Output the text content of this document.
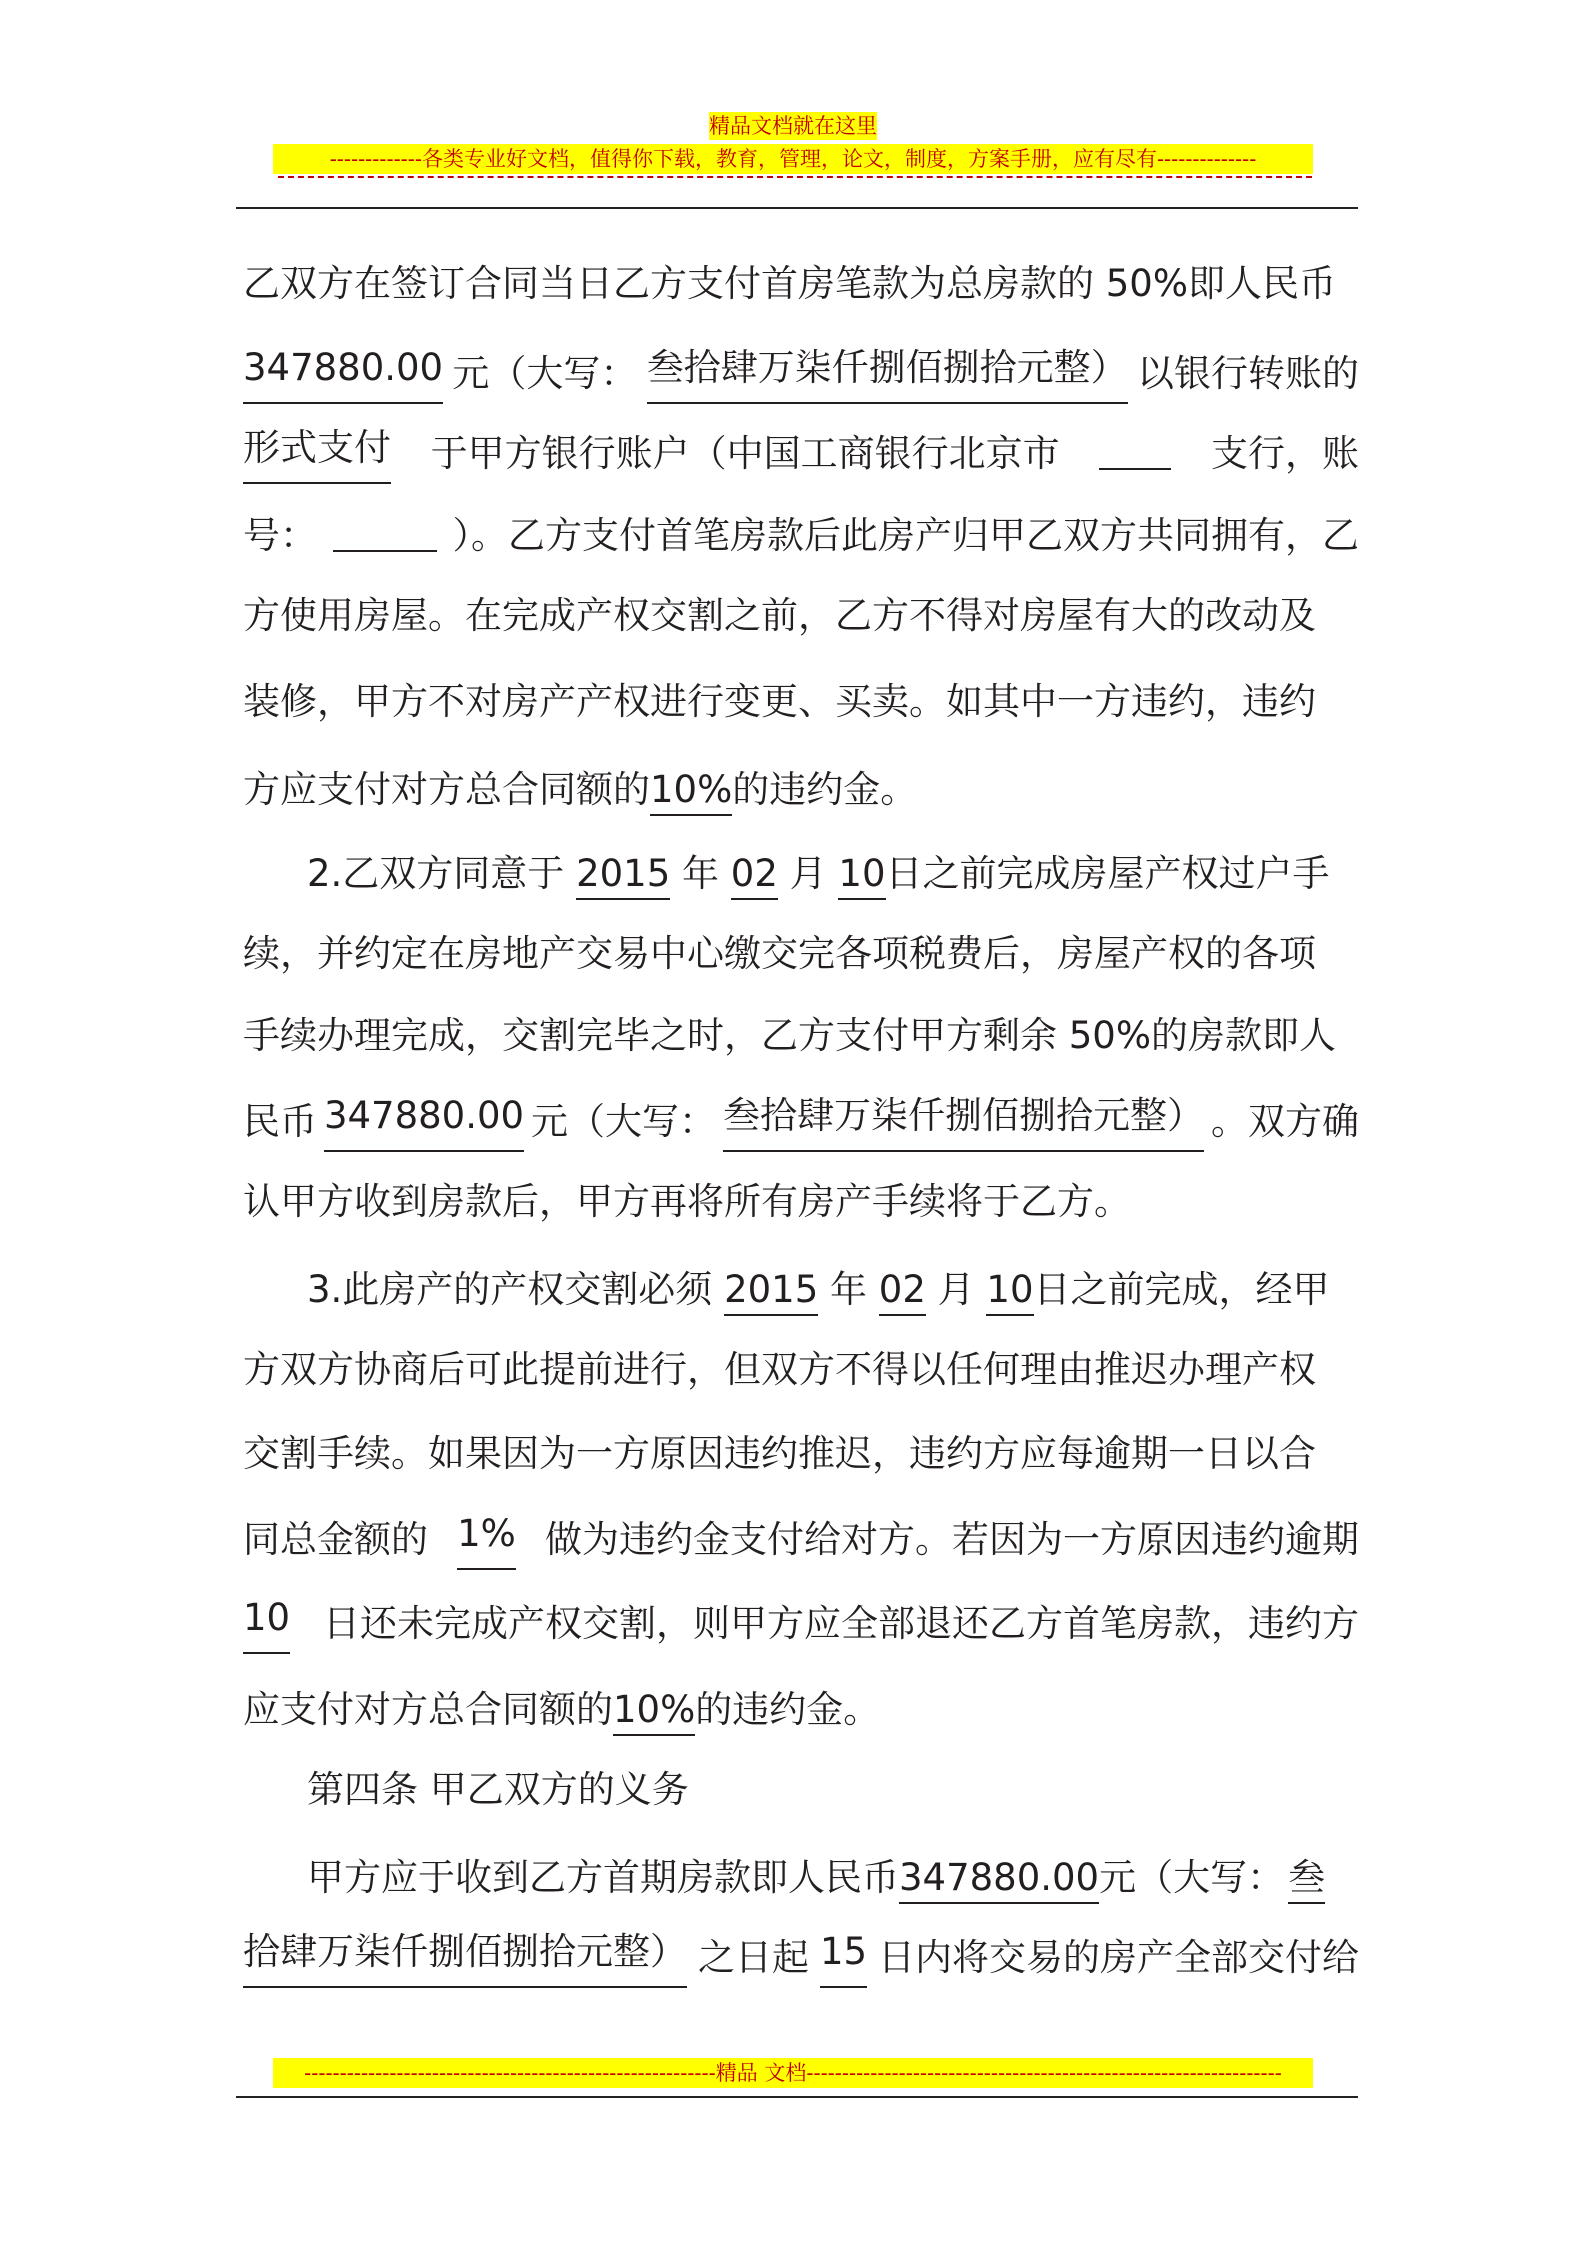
精品文档就在这里
-------------各类专业好文档，值得你下载，教育，管理，论文，制度，方案手册，应有尽有--------------
乙双方在签订合同当日乙方支付首房笔款为总房款的 50%即人民币
347880.00 元（大写： 叁拾肆万柒仟捌佰捌拾元整） 以银行转账的
形式支付 于甲方银行账户（中国工商银行北京市	支行，账
号：	）。乙方支付首笔房款后此房产归甲乙双方共同拥有，乙
方使用房屋。在完成产权交割之前，乙方不得对房屋有大的改动及
装修，甲方不对房产产权进行变更、买卖。如其中一方违约，违约
方应支付对方总合同额的10%的违约金。
2.乙双方同意于 2015 年 02 月 10日之前完成房屋产权过户手
续，并约定在房地产交易中心缴交完各项税费后，房屋产权的各项
手续办理完成，交割完毕之时，乙方支付甲方剩余 50%的房款即人
民币 347880.00 元（大写： 叁拾肆万柒仟捌佰捌拾元整） 。双方确
认甲方收到房款后，甲方再将所有房产手续将于乙方。
3.此房产的产权交割必须 2015 年 02 月 10日之前完成，经甲
方双方协商后可此提前进行，但双方不得以任何理由推迟办理产权
交割手续。如果因为一方原因违约推迟，违约方应每逾期一日以合
同总金额的 1% 做为违约金支付给对方。若因为一方原因违约逾期
10 日还未完成产权交割，则甲方应全部退还乙方首笔房款，违约方
应支付对方总合同额的10%的违约金。
第四条 甲乙双方的义务
甲方应于收到乙方首期房款即人民币347880.00元（大写： 叁
拾肆万柒仟捌佰捌拾元整） 之日起 15 日内将交易的房产全部交付给
----------------------------------------------------------精品 文档-------------------------------------------------------------------
